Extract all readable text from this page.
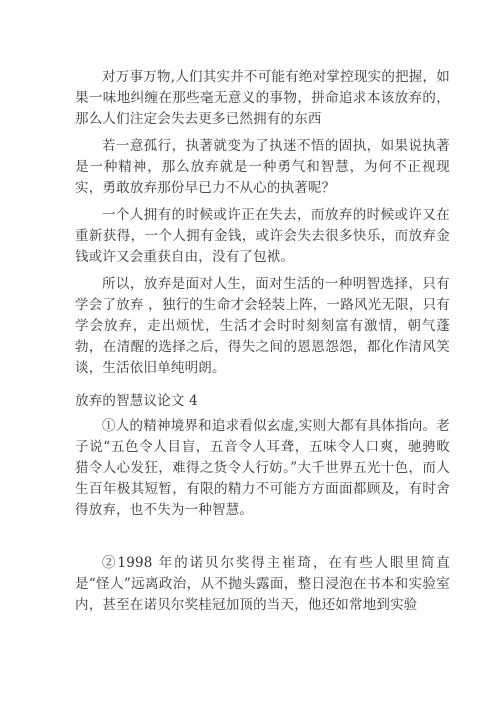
对万事万物,人们其实并不可能有绝对掌控现实的把握，如果一味地纠缠在那些毫无意义的事物，拼命追求本该放弃的，那么人们注定会失去更多已然拥有的东西

若一意孤行，执著就变为了执迷不悟的固执，如果说执著是一种精神，那么放弃就是一种勇气和智慧，为何不正视现实，勇敢放弃那份早已力不从心的执著呢？

一个人拥有的时候或许正在失去，而放弃的时候或许又在重新获得，一个人拥有金钱，或许会失去很多快乐，而放弃金钱或许又会重获自由，没有了包袱。

所以，放弃是面对人生，面对生活的一种明智选择，只有学会了放弃 ，独行的生命才会轻装上阵，一路风光无限，只有学会放弃，走出烦忧，生活才会时时刻刻富有激情，朝气蓬勃，在清醒的选择之后，得失之间的恩恩怨怨，都化作清风笑谈，生活依旧单纯明朗。

放弃的智慧议论文 4

①人的精神境界和追求看似玄虚,实则大都有具体指向。老子说“五色令人目盲，五音令人耳聋，五味令人口爽，驰骋畋猎令人心发狂，难得之货令人行妨。”大千世界五光十色，而人生百年极其短暂，有限的精力不可能方方面面都顾及，有时舍得放弃，也不失为一种智慧。

②1998 年的诺贝尔奖得主崔琦，在有些人眼里简直是“怪人”远离政治，从不抛头露面，整日浸泡在书本和实验室内，甚至在诺贝尔奖桂冠加顶的当天，他还如常地到实验
